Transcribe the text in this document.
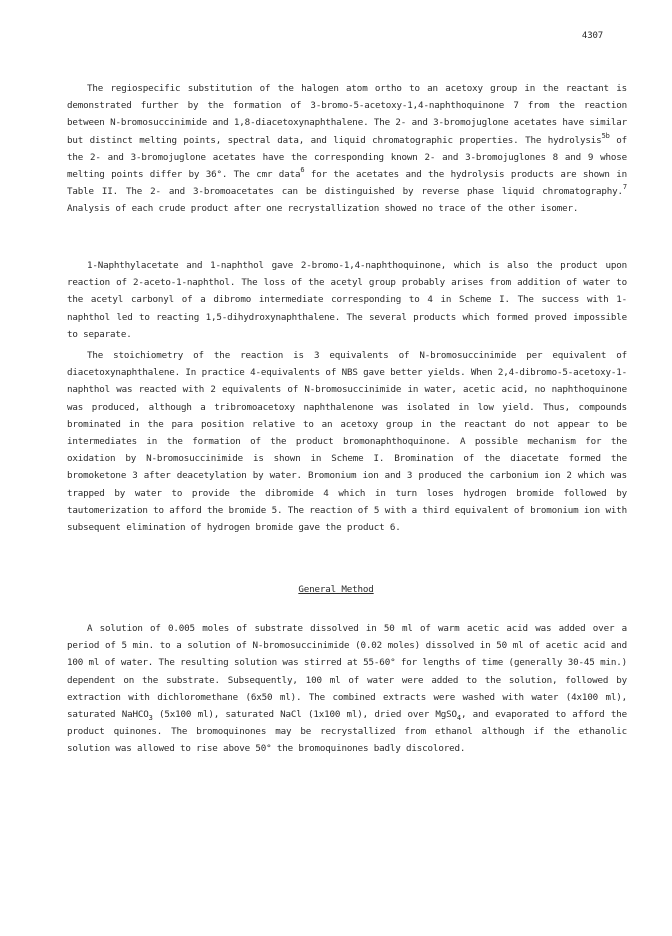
4307

The regiospecific substitution of the halogen atom ortho to an acetoxy group in the reactant is demonstrated further by the formation of 3-bromo-5-acetoxy-1,4-naphthoquinone 7 from the reaction between N-bromosuccinimide and 1,8-diacetoxynaphthalene. The 2- and 3-bromojuglone acetates have similar but distinct melting points, spectral data, and liquid chromatographic properties. The hydrolysis$^{5b}$ of the 2- and 3-bromojuglone acetates have the corresponding known 2- and 3-bromojuglones 8 and 9 whose melting points differ by 36°. The cmr data$^6$ for the acetates and the hydrolysis products are shown in Table II. The 2- and 3-bromoacetates can be distinguished by reverse phase liquid chromatography.$^7$ Analysis of each crude product after one recrystallization showed no trace of the other isomer.

1-Naphthylacetate and 1-naphthol gave 2-bromo-1,4-naphthoquinone, which is also the product upon reaction of 2-aceto-1-naphthol. The loss of the acetyl group probably arises from addition of water to the acetyl carbonyl of a dibromo intermediate corresponding to 4 in Scheme I. The success with 1-naphthol led to reacting 1,5-dihydroxynaphthalene. The several products which formed proved impossible to separate.

The stoichiometry of the reaction is 3 equivalents of N-bromosuccinimide per equivalent of diacetoxynaphthalene. In practice 4-equivalents of NBS gave better yields. When 2,4-dibromo-5-acetoxy-1-naphthol was reacted with 2 equivalents of N-bromosuccinimide in water, acetic acid, no naphthoquinone was produced, although a tribromoacetoxy naphthalenone was isolated in low yield. Thus, compounds brominated in the para position relative to an acetoxy group in the reactant do not appear to be intermediates in the formation of the product bromonaphthoquinone. A possible mechanism for the oxidation by N-bromosuccinimide is shown in Scheme I. Bromination of the diacetate formed the bromoketone 3 after deacetylation by water. Bromonium ion and 3 produced the carbonium ion 2 which was trapped by water to provide the dibromide 4 which in turn loses hydrogen bromide followed by tautomerization to afford the bromide 5. The reaction of 5 with a third equivalent of bromonium ion with subsequent elimination of hydrogen bromide gave the product 6.

General Method

A solution of 0.005 moles of substrate dissolved in 50 ml of warm acetic acid was added over a period of 5 min. to a solution of N-bromosuccinimide (0.02 moles) dissolved in 50 ml of acetic acid and 100 ml of water. The resulting solution was stirred at 55-60° for lengths of time (generally 30-45 min.) dependent on the substrate. Subsequently, 100 ml of water were added to the solution, followed by extraction with dichloromethane (6x50 ml). The combined extracts were washed with water (4x100 ml), saturated NaHCO$_3$ (5x100 ml), saturated NaCl (1x100 ml), dried over MgSO$_4$, and evaporated to afford the product quinones. The bromoquinones may be recrystallized from ethanol although if the ethanolic solution was allowed to rise above 50° the bromoquinones badly discolored.
